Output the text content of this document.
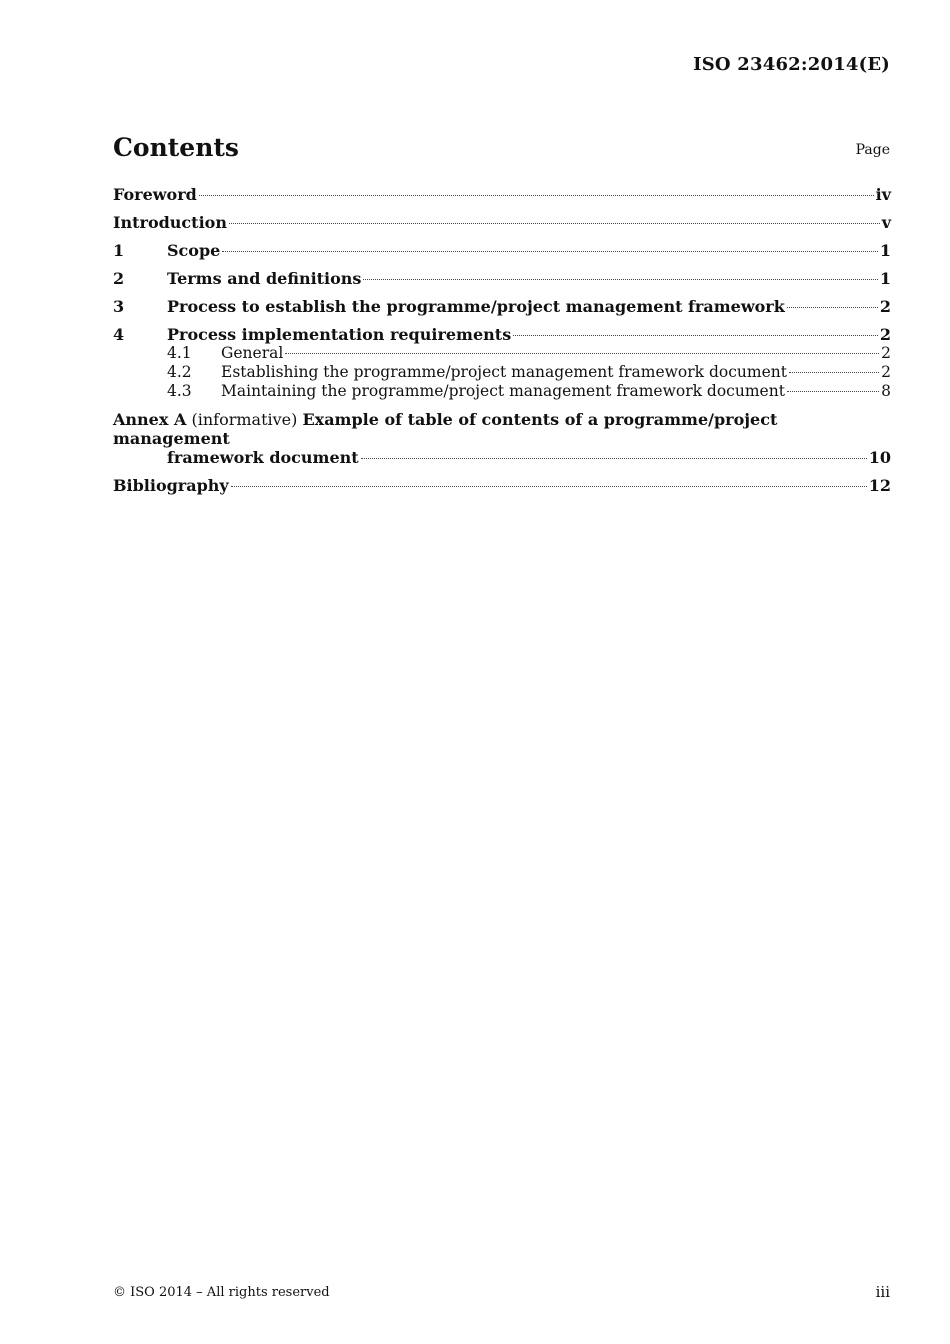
ISO 23462:2014(E)
Contents	Page
Foreword	iv
Introduction	v
1	Scope	1
2	Terms and definitions	1
3	Process to establish the programme/project management framework	2
4	Process implementation requirements	2
4.1	General	2
4.2	Establishing the programme/project management framework document	2
4.3	Maintaining the programme/project management framework document	8
Annex A (informative) Example of table of contents of a programme/project management
framework document	10
Bibliography	12
© ISO 2014 – All rights reserved	iii
